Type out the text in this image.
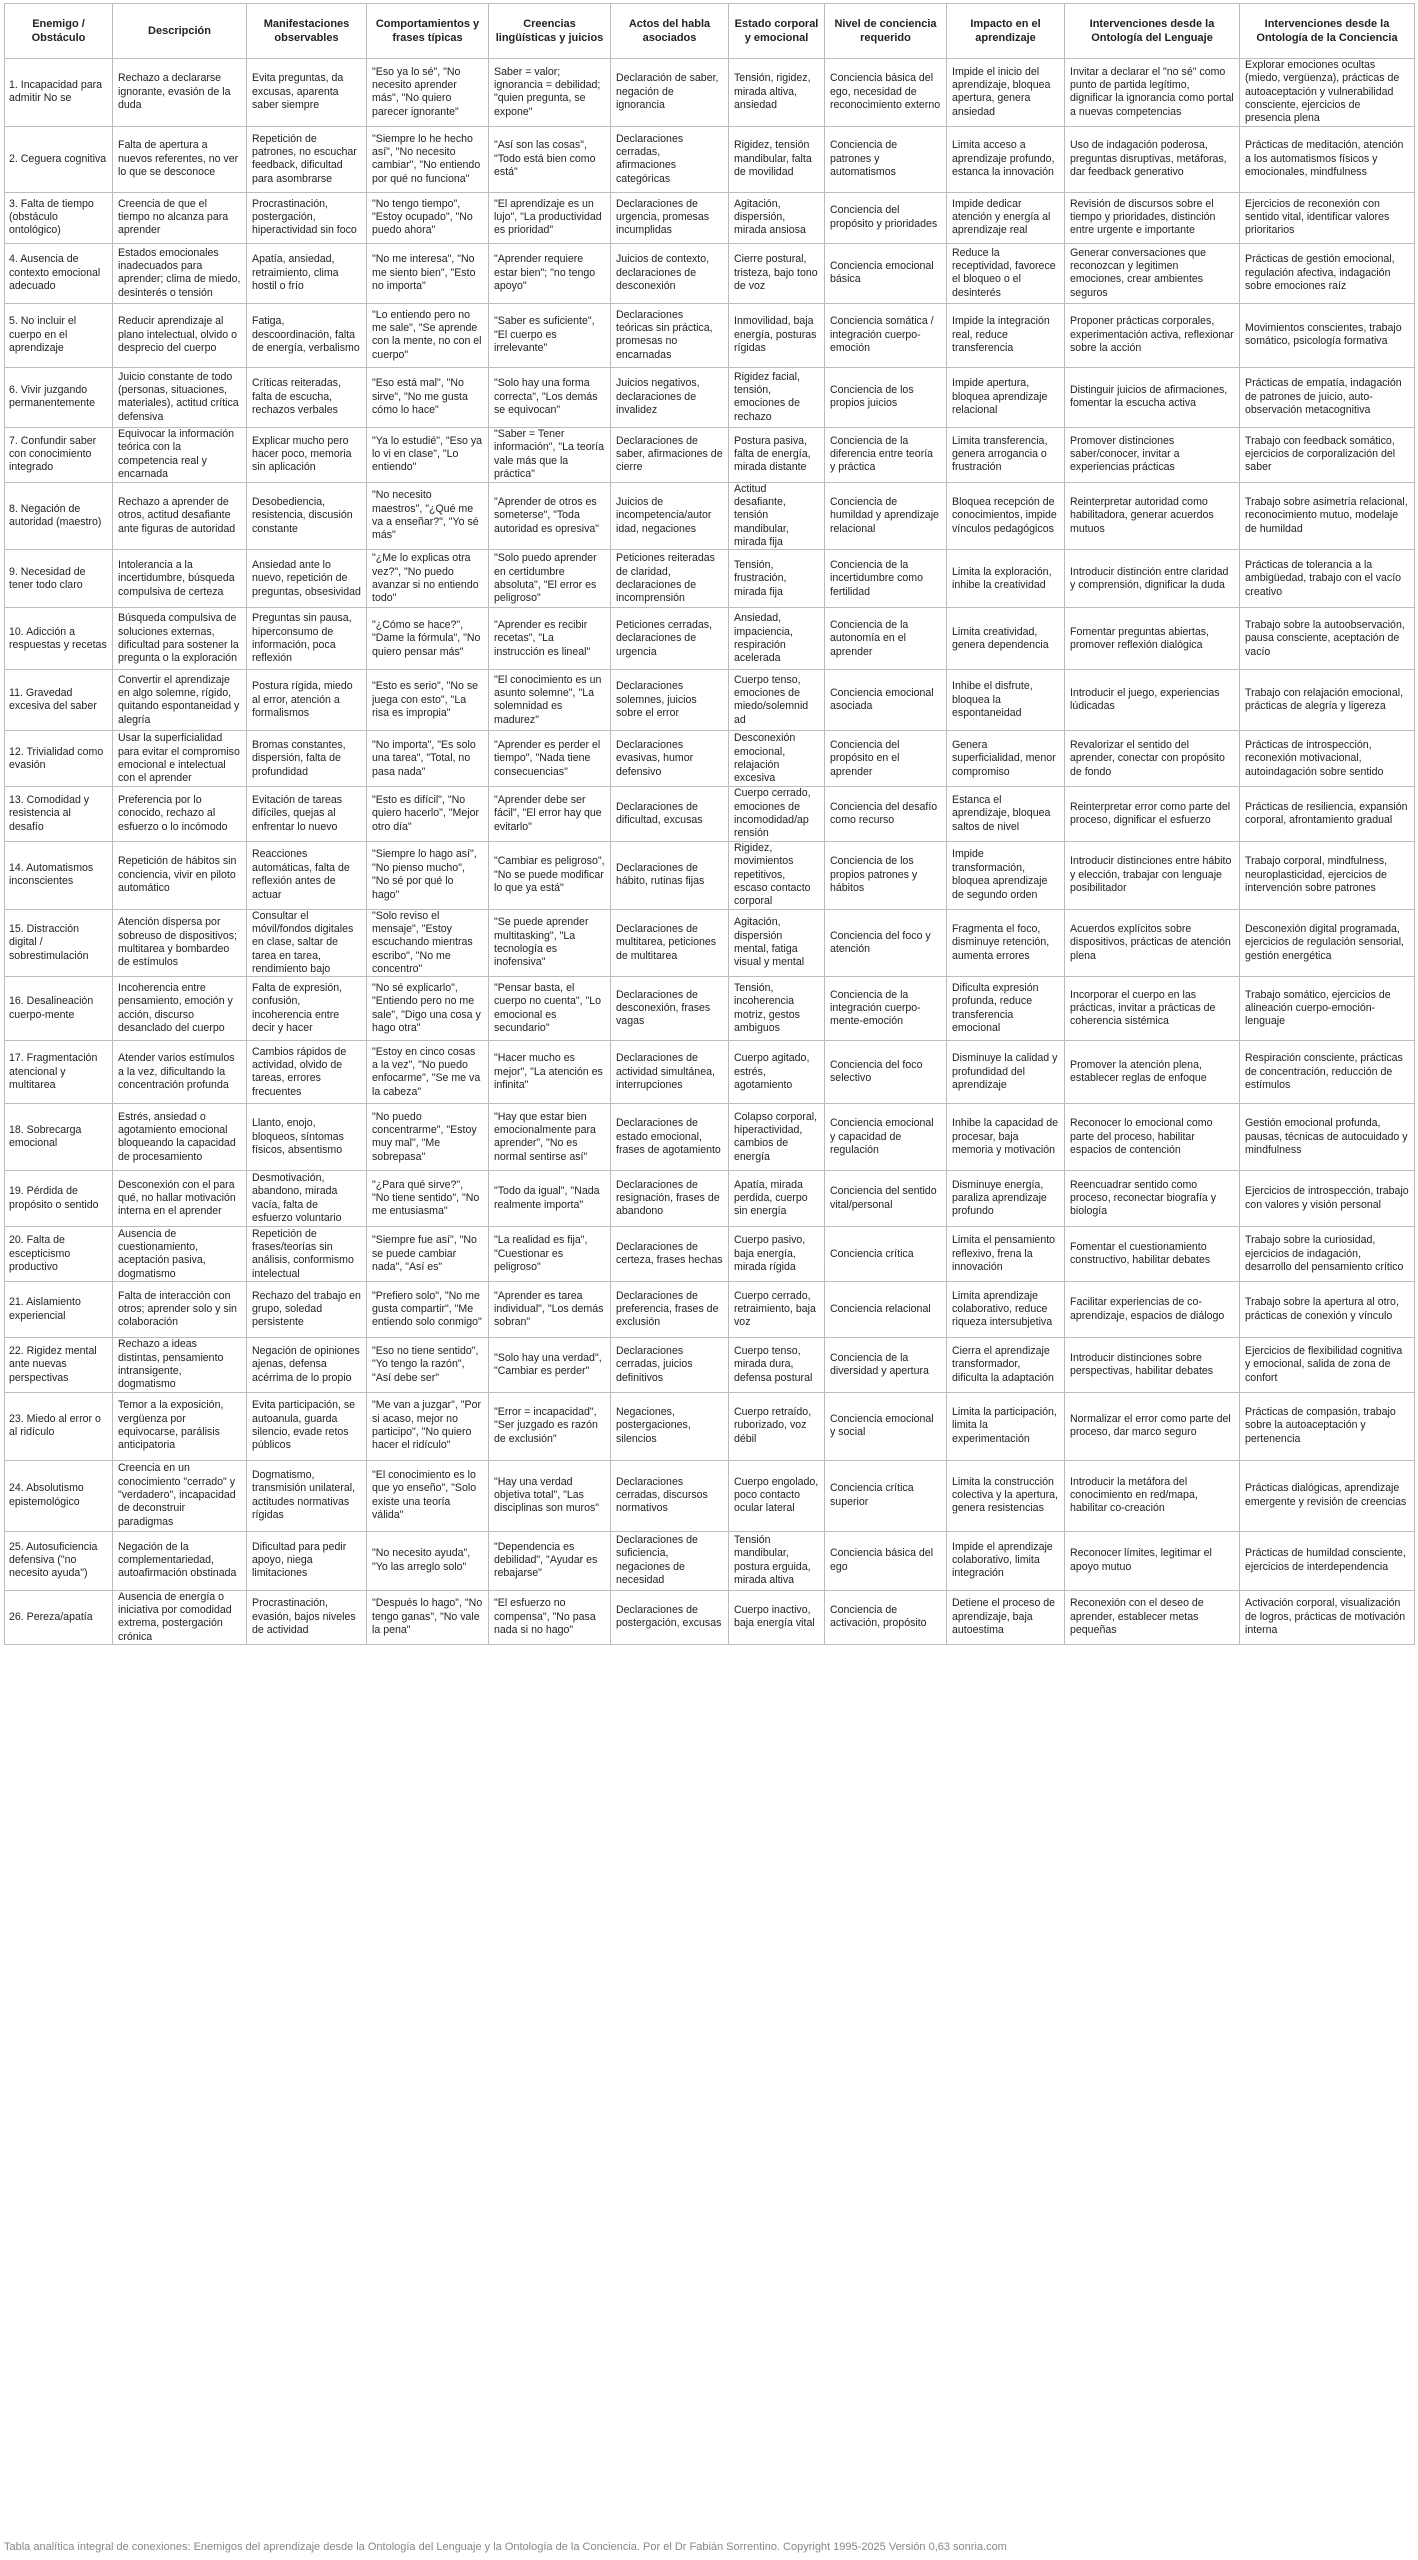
Enemigo / Obstáculo	Descripción	Manifestaciones observables	Comportamientos y frases típicas	Creencias lingüísticas y juicios	Actos del habla asociados	Estado corporal y emocional	Nivel de conciencia requerido	Impacto en el aprendizaje	Intervenciones desde la Ontología del Lenguaje	Intervenciones desde la Ontología de la Conciencia
1. Incapacidad para admitir No se	Rechazo a declararse ignorante, evasión de la duda	Evita preguntas, da excusas, aparenta saber siempre	"Eso ya lo sé", "No necesito aprender más", "No quiero parecer ignorante"	Saber = valor; ignorancia = debilidad; "quien pregunta, se expone"	Declaración de saber, negación de ignorancia	Tensión, rigidez, mirada altiva, ansiedad	Conciencia básica del ego, necesidad de reconocimiento externo	Impide el inicio del aprendizaje, bloquea apertura, genera ansiedad	Invitar a declarar el "no sé" como punto de partida legítimo, dignificar la ignorancia como portal a nuevas competencias	Explorar emociones ocultas (miedo, vergüenza), prácticas de autoaceptación y vulnerabilidad consciente, ejercicios de presencia plena
2. Ceguera cognitiva	Falta de apertura a nuevos referentes, no ver lo que se desconoce	Repetición de patrones, no escuchar feedback, dificultad para asombrarse	"Siempre lo he hecho así", "No necesito cambiar", "No entiendo por qué no funciona"	"Así son las cosas", "Todo está bien como está"	Declaraciones cerradas, afirmaciones categóricas	Rigidez, tensión mandibular, falta de movilidad	Conciencia de patrones y automatismos	Limita acceso a aprendizaje profundo, estanca la innovación	Uso de indagación poderosa, preguntas disruptivas, metáforas, dar feedback generativo	Prácticas de meditación, atención a los automatismos físicos y emocionales, mindfulness
3. Falta de tiempo (obstáculo ontológico)	Creencia de que el tiempo no alcanza para aprender	Procrastinación, postergación, hiperactividad sin foco	"No tengo tiempo", "Estoy ocupado", "No puedo ahora"	"El aprendizaje es un lujo", "La productividad es prioridad"	Declaraciones de urgencia, promesas incumplidas	Agitación, dispersión, mirada ansiosa	Conciencia del propósito y prioridades	Impide dedicar atención y energía al aprendizaje real	Revisión de discursos sobre el tiempo y prioridades, distinción entre urgente e importante	Ejercicios de reconexión con sentido vital, identificar valores prioritarios
4. Ausencia de contexto emocional adecuado	Estados emocionales inadecuados para aprender; clima de miedo, desinterés o tensión	Apatía, ansiedad, retraimiento, clima hostil o frío	"No me interesa", "No me siento bien", "Esto no importa"	"Aprender requiere estar bien"; "no tengo apoyo"	Juicios de contexto, declaraciones de desconexión	Cierre postural, tristeza, bajo tono de voz	Conciencia emocional básica	Reduce la receptividad, favorece el bloqueo o el desinterés	Generar conversaciones que reconozcan y legitimen emociones, crear ambientes seguros	Prácticas de gestión emocional, regulación afectiva, indagación sobre emociones raíz
5. No incluir el cuerpo en el aprendizaje	Reducir aprendizaje al plano intelectual, olvido o desprecio del cuerpo	Fatiga, descoordinación, falta de energía, verbalismo	"Lo entiendo pero no me sale", "Se aprende con la mente, no con el cuerpo"	"Saber es suficiente", "El cuerpo es irrelevante"	Declaraciones teóricas sin práctica, promesas no encarnadas	Inmovilidad, baja energía, posturas rígidas	Conciencia somática / integración cuerpo-emoción	Impide la integración real, reduce transferencia	Proponer prácticas corporales, experimentación activa, reflexionar sobre la acción	Movimientos conscientes, trabajo somático, psicología formativa
6. Vivir juzgando permanentemente	Juicio constante de todo (personas, situaciones, materiales), actitud crítica defensiva	Críticas reiteradas, falta de escucha, rechazos verbales	"Eso está mal", "No sirve", "No me gusta cómo lo hace"	"Solo hay una forma correcta", "Los demás se equivocan"	Juicios negativos, declaraciones de invalidez	Rigidez facial, tensión, emociones de rechazo	Conciencia de los propios juicios	Impide apertura, bloquea aprendizaje relacional	Distinguir juicios de afirmaciones, fomentar la escucha activa	Prácticas de empatía, indagación de patrones de juicio, auto-observación metacognitiva
7. Confundir saber con conocimiento integrado	Equivocar la información teórica con la competencia real y encarnada	Explicar mucho pero hacer poco, memoria sin aplicación	"Ya lo estudié", "Eso ya lo vi en clase", "Lo entiendo"	"Saber = Tener información", "La teoría vale más que la práctica"	Declaraciones de saber, afirmaciones de cierre	Postura pasiva, falta de energía, mirada distante	Conciencia de la diferencia entre teoría y práctica	Limita transferencia, genera arrogancia o frustración	Promover distinciones saber/conocer, invitar a experiencias prácticas	Trabajo con feedback somático, ejercicios de corporalización del saber
8. Negación de autoridad (maestro)	Rechazo a aprender de otros, actitud desafiante ante figuras de autoridad	Desobediencia, resistencia, discusión constante	"No necesito maestros", "¿Qué me va a enseñar?", "Yo sé más"	"Aprender de otros es someterse", "Toda autoridad es opresiva"	Juicios de incompetencia/autor idad, negaciones	Actitud desafiante, tensión mandibular, mirada fija	Conciencia de humildad y aprendizaje relacional	Bloquea recepción de conocimientos, impide vínculos pedagógicos	Reinterpretar autoridad como habilitadora, generar acuerdos mutuos	Trabajo sobre asimetría relacional, reconocimiento mutuo, modelaje de humildad
9. Necesidad de tener todo claro	Intolerancia a la incertidumbre, búsqueda compulsiva de certeza	Ansiedad ante lo nuevo, repetición de preguntas, obsesividad	"¿Me lo explicas otra vez?", "No puedo avanzar si no entiendo todo"	"Solo puedo aprender en certidumbre absoluta", "El error es peligroso"	Peticiones reiteradas de claridad, declaraciones de incomprensión	Tensión, frustración, mirada fija	Conciencia de la incertidumbre como fertilidad	Limita la exploración, inhibe la creatividad	Introducir distinción entre claridad y comprensión, dignificar la duda	Prácticas de tolerancia a la ambigüedad, trabajo con el vacío creativo
10. Adicción a respuestas y recetas	Búsqueda compulsiva de soluciones externas, dificultad para sostener la pregunta o la exploración	Preguntas sin pausa, hiperconsumo de información, poca reflexión	"¿Cómo se hace?", "Dame la fórmula", "No quiero pensar más"	"Aprender es recibir recetas", "La instrucción es lineal"	Peticiones cerradas, declaraciones de urgencia	Ansiedad, impaciencia, respiración acelerada	Conciencia de la autonomía en el aprender	Limita creatividad, genera dependencia	Fomentar preguntas abiertas, promover reflexión dialógica	Trabajo sobre la autoobservación, pausa consciente, aceptación de vacío
11. Gravedad excesiva del saber	Convertir el aprendizaje en algo solemne, rígido, quitando espontaneidad y alegría	Postura rígida, miedo al error, atención a formalismos	"Esto es serio", "No se juega con esto", "La risa es impropia"	"El conocimiento es un asunto solemne", "La solemnidad es madurez"	Declaraciones solemnes, juicios sobre el error	Cuerpo tenso, emociones de miedo/solemnid ad	Conciencia emocional asociada	Inhibe el disfrute, bloquea la espontaneidad	Introducir el juego, experiencias lúdicadas	Trabajo con relajación emocional, prácticas de alegría y ligereza
12. Trivialidad como evasión	Usar la superficialidad para evitar el compromiso emocional e intelectual con el aprender	Bromas constantes, dispersión, falta de profundidad	"No importa", "Es solo una tarea", "Total, no pasa nada"	"Aprender es perder el tiempo", "Nada tiene consecuencias"	Declaraciones evasivas, humor defensivo	Desconexión emocional, relajación excesiva	Conciencia del propósito en el aprender	Genera superficialidad, menor compromiso	Revalorizar el sentido del aprender, conectar con propósito de fondo	Prácticas de introspección, reconexión motivacional, autoindagación sobre sentido
13. Comodidad y resistencia al desafío	Preferencia por lo conocido, rechazo al esfuerzo o lo incómodo	Evitación de tareas difíciles, quejas al enfrentar lo nuevo	"Esto es difícil", "No quiero hacerlo", "Mejor otro día"	"Aprender debe ser fácil", "El error hay que evitarlo"	Declaraciones de dificultad, excusas	Cuerpo cerrado, emociones de incomodidad/ap rensión	Conciencia del desafío como recurso	Estanca el aprendizaje, bloquea saltos de nivel	Reinterpretar error como parte del proceso, dignificar el esfuerzo	Prácticas de resiliencia, expansión corporal, afrontamiento gradual
14. Automatismos inconscientes	Repetición de hábitos sin conciencia, vivir en piloto automático	Reacciones automáticas, falta de reflexión antes de actuar	"Siempre lo hago así", "No pienso mucho", "No sé por qué lo hago"	"Cambiar es peligroso", "No se puede modificar lo que ya está"	Declaraciones de hábito, rutinas fijas	Rigidez, movimientos repetitivos, escaso contacto corporal	Conciencia de los propios patrones y hábitos	Impide transformación, bloquea aprendizaje de segundo orden	Introducir distinciones entre hábito y elección, trabajar con lenguaje posibilitador	Trabajo corporal, mindfulness, neuroplasticidad, ejercicios de intervención sobre patrones
15. Distracción digital / sobrestimulación	Atención dispersa por sobreuso de dispositivos; multitarea y bombardeo de estímulos	Consultar el móvil/fondos digitales en clase, saltar de tarea en tarea, rendimiento bajo	"Solo reviso el mensaje", "Estoy escuchando mientras escribo", "No me concentro"	"Se puede aprender multitasking", "La tecnología es inofensiva"	Declaraciones de multitarea, peticiones de multitarea	Agitación, dispersión mental, fatiga visual y mental	Conciencia del foco y atención	Fragmenta el foco, disminuye retención, aumenta errores	Acuerdos explícitos sobre dispositivos, prácticas de atención plena	Desconexión digital programada, ejercicios de regulación sensorial, gestión energética
16. Desalineación cuerpo-mente	Incoherencia entre pensamiento, emoción y acción, discurso desanclado del cuerpo	Falta de expresión, confusión, incoherencia entre decir y hacer	"No sé explicarlo", "Entiendo pero no me sale", "Digo una cosa y hago otra"	"Pensar basta, el cuerpo no cuenta", "Lo emocional es secundario"	Declaraciones de desconexión, frases vagas	Tensión, incoherencia motriz, gestos ambiguos	Conciencia de la integración cuerpo-mente-emoción	Dificulta expresión profunda, reduce transferencia emocional	Incorporar el cuerpo en las prácticas, invitar a prácticas de coherencia sistémica	Trabajo somático, ejercicios de alineación cuerpo-emoción-lenguaje
17. Fragmentación atencional y multitarea	Atender varios estímulos a la vez, dificultando la concentración profunda	Cambios rápidos de actividad, olvido de tareas, errores frecuentes	"Estoy en cinco cosas a la vez", "No puedo enfocarme", "Se me va la cabeza"	"Hacer mucho es mejor", "La atención es infinita"	Declaraciones de actividad simultánea, interrupciones	Cuerpo agitado, estrés, agotamiento	Conciencia del foco selectivo	Disminuye la calidad y profundidad del aprendizaje	Promover la atención plena, establecer reglas de enfoque	Respiración consciente, prácticas de concentración, reducción de estímulos
18. Sobrecarga emocional	Estrés, ansiedad o agotamiento emocional bloqueando la capacidad de procesamiento	Llanto, enojo, bloqueos, síntomas físicos, absentismo	"No puedo concentrarme", "Estoy muy mal", "Me sobrepasa"	"Hay que estar bien emocionalmente para aprender", "No es normal sentirse así"	Declaraciones de estado emocional, frases de agotamiento	Colapso corporal, hiperactividad, cambios de energía	Conciencia emocional y capacidad de regulación	Inhibe la capacidad de procesar, baja memoria y motivación	Reconocer lo emocional como parte del proceso, habilitar espacios de contención	Gestión emocional profunda, pausas, técnicas de autocuidado y mindfulness
19. Pérdida de propósito o sentido	Desconexión con el para qué, no hallar motivación interna en el aprender	Desmotivación, abandono, mirada vacía, falta de esfuerzo voluntario	"¿Para qué sirve?", "No tiene sentido", "No me entusiasma"	"Todo da igual", "Nada realmente importa"	Declaraciones de resignación, frases de abandono	Apatía, mirada perdida, cuerpo sin energía	Conciencia del sentido vital/personal	Disminuye energía, paraliza aprendizaje profundo	Reencuadrar sentido como proceso, reconectar biografía y biología	Ejercicios de introspección, trabajo con valores y visión personal
20. Falta de escepticismo productivo	Ausencia de cuestionamiento, aceptación pasiva, dogmatismo	Repetición de frases/teorías sin análisis, conformismo intelectual	"Siempre fue así", "No se puede cambiar nada", "Así es"	"La realidad es fija", "Cuestionar es peligroso"	Declaraciones de certeza, frases hechas	Cuerpo pasivo, baja energía, mirada rígida	Conciencia crítica	Limita el pensamiento reflexivo, frena la innovación	Fomentar el cuestionamiento constructivo, habilitar debates	Trabajo sobre la curiosidad, ejercicios de indagación, desarrollo del pensamiento crítico
21. Aislamiento experiencial	Falta de interacción con otros; aprender solo y sin colaboración	Rechazo del trabajo en grupo, soledad persistente	"Prefiero solo", "No me gusta compartir", "Me entiendo solo conmigo"	"Aprender es tarea individual", "Los demás sobran"	Declaraciones de preferencia, frases de exclusión	Cuerpo cerrado, retraimiento, baja voz	Conciencia relacional	Limita aprendizaje colaborativo, reduce riqueza intersubjetiva	Facilitar experiencias de co-aprendizaje, espacios de diálogo	Trabajo sobre la apertura al otro, prácticas de conexión y vínculo
22. Rigidez mental ante nuevas perspectivas	Rechazo a ideas distintas, pensamiento intransigente, dogmatismo	Negación de opiniones ajenas, defensa acérrima de lo propio	"Eso no tiene sentido", "Yo tengo la razón", "Así debe ser"	"Solo hay una verdad", "Cambiar es perder"	Declaraciones cerradas, juicios definitivos	Cuerpo tenso, mirada dura, defensa postural	Conciencia de la diversidad y apertura	Cierra el aprendizaje transformador, dificulta la adaptación	Introducir distinciones sobre perspectivas, habilitar debates	Ejercicios de flexibilidad cognitiva y emocional, salida de zona de confort
23. Miedo al error o al ridículo	Temor a la exposición, vergüenza por equivocarse, parálisis anticipatoria	Evita participación, se autoanula, guarda silencio, evade retos públicos	"Me van a juzgar", "Por si acaso, mejor no participo", "No quiero hacer el ridículo"	"Error = incapacidad", "Ser juzgado es razón de exclusión"	Negaciones, postergaciones, silencios	Cuerpo retraído, ruborizado, voz débil	Conciencia emocional y social	Limita la participación, limita la experimentación	Normalizar el error como parte del proceso, dar marco seguro	Prácticas de compasión, trabajo sobre la autoaceptación y pertenencia
24. Absolutismo epistemológico	Creencia en un conocimiento "cerrado" y "verdadero", incapacidad de deconstruir paradigmas	Dogmatismo, transmisión unilateral, actitudes normativas rígidas	"El conocimiento es lo que yo enseño", "Solo existe una teoría válida"	"Hay una verdad objetiva total", "Las disciplinas son muros"	Declaraciones cerradas, discursos normativos	Cuerpo engolado, poco contacto ocular lateral	Conciencia crítica superior	Limita la construcción colectiva y la apertura, genera resistencias	Introducir la metáfora del conocimiento en red/mapa, habilitar co-creación	Prácticas dialógicas, aprendizaje emergente y revisión de creencias
25. Autosuficiencia defensiva ("no necesito ayuda")	Negación de la complementariedad, autoafirmación obstinada	Dificultad para pedir apoyo, niega limitaciones	"No necesito ayuda", "Yo las arreglo solo"	"Dependencia es debilidad", "Ayudar es rebajarse"	Declaraciones de suficiencia, negaciones de necesidad	Tensión mandibular, postura erguida, mirada altiva	Conciencia básica del ego	Impide el aprendizaje colaborativo, limita integración	Reconocer límites, legitimar el apoyo mutuo	Prácticas de humildad consciente, ejercicios de interdependencia
26. Pereza/apatía	Ausencia de energía o iniciativa por comodidad extrema, postergación crónica	Procrastinación, evasión, bajos niveles de actividad	"Después lo hago", "No tengo ganas", "No vale la pena"	"El esfuerzo no compensa", "No pasa nada si no hago"	Declaraciones de postergación, excusas	Cuerpo inactivo, baja energía vital	Conciencia de activación, propósito	Detiene el proceso de aprendizaje, baja autoestima	Reconexión con el deseo de aprender, establecer metas pequeñas	Activación corporal, visualización de logros, prácticas de motivación interna
Tabla analítica integral de conexiones: Enemigos del aprendizaje desde la Ontología del Lenguaje y la Ontología de la Conciencia. Por el Dr Fabián Sorrentino. Copyright 1995-2025 Versión 0,63 sonria.com
